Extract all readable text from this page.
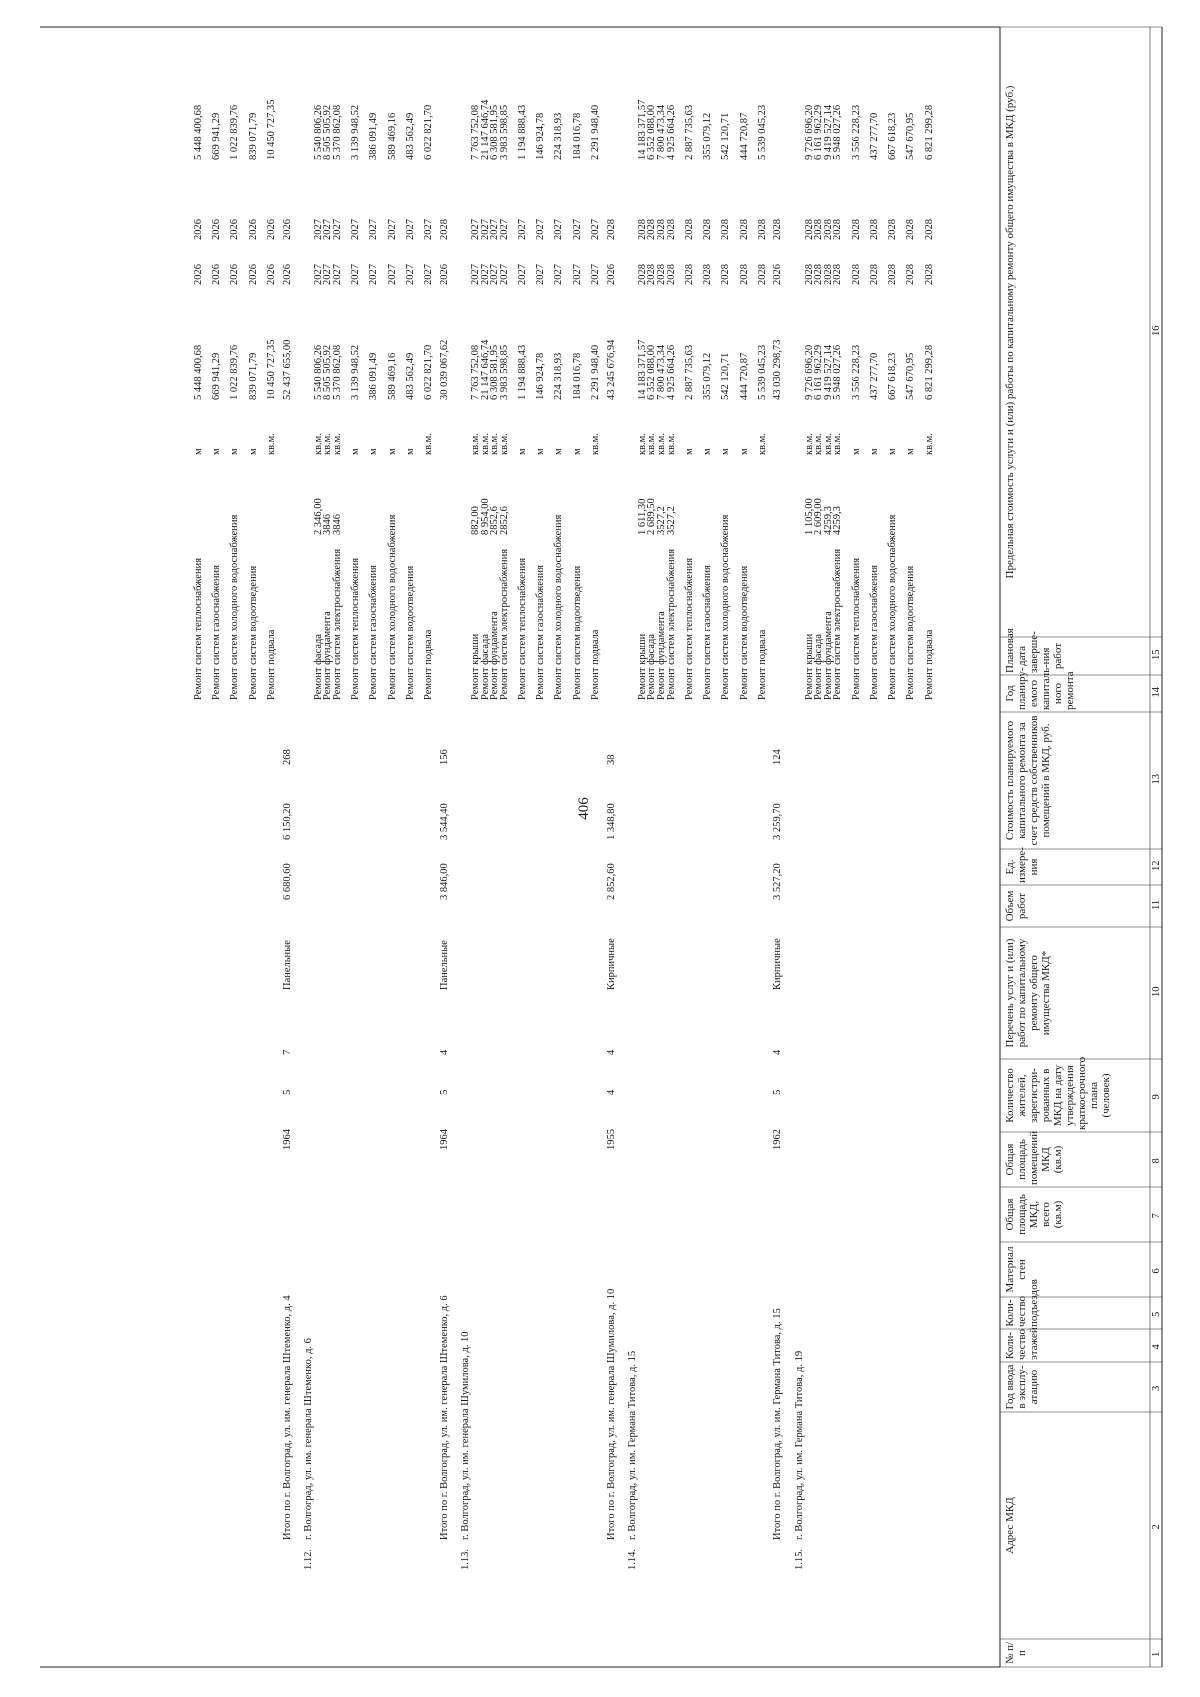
406
№ п/п
Адрес МКД
Год ввода в эксплу-атацию
Коли-чество этажей
Коли-чество подъездов
Материал стен
Общая площадь МКД, всего (кв.м)
Общая площадь помещений МКД (кв.м)
Количество жителей, зарегистри-рованных в МКД на дату утверждения краткосрочного плана (человек)
Перечень услуг и (или) работ по капитальному ремонту общего имущества МКД*
Объем работ
Ед. измере-ния
Стоимость планируемого капитального ремонта за счет средств собственников помещений в МКД, руб.
Год планиру-емого капиталь-ного ремонта
Плановая дата заверше-ния работ
Предельная стоимость услуги и (или) работы по капитальному ремонту общего имущества в МКД (руб.)
1
2
3
4
5
6
7
8
9
10
11
12
13
14
15
16
Ремонт систем теплоснабжения
м
5 448 400,68
2026
2026
5 448 400,68
Ремонт систем газоснабжения
м
669 941,29
2026
2026
669 941,29
Ремонт систем холодного водоснабжения
м
1 022 839,76
2026
2026
1 022 839,76
Ремонт систем водоотведения
м
839 071,79
2026
2026
839 071,79
Ремонт подвала
кв.м.
10 450 727,35
2026
2026
10 450 727,35
Итого по г. Волгоград, ул. им. генерала Штеменко, д. 4
1964
5
7
Панельные
6 680,60
6 150,20
268
52 437 655,00
2026
2026
1.12.
г. Волгоград, ул. им. генерала Штеменко, д. 6
Ремонт фасада
2 346,00
кв.м.
5 540 806,26
2027
2027
5 540 806,26
Ремонт фундамента
3846
кв.м.
8 505 505,92
2027
2027
8 505 505,92
Ремонт систем электроснабжения
3846
кв.м.
5 370 862,08
2027
2027
5 370 862,08
Ремонт систем теплоснабжения
м
3 139 948,52
2027
2027
3 139 948,52
Ремонт систем газоснабжения
м
386 091,49
2027
2027
386 091,49
Ремонт систем холодного водоснабжения
м
589 469,16
2027
2027
589 469,16
Ремонт систем водоотведения
м
483 562,49
2027
2027
483 562,49
Ремонт подвала
кв.м.
6 022 821,70
2027
2027
6 022 821,70
Итого по г. Волгоград, ул. им. генерала Штеменко, д. 6
1964
5
4
Панельные
3 846,00
3 544,40
156
30 039 067,62
2026
2028
1.13.
г. Волгоград, ул. им. генерала Шумилова, д. 10
Ремонт крыши
882,00
кв.м.
7 763 752,08
2027
2027
7 763 752,08
Ремонт фасада
8 954,00
кв.м.
21 147 646,74
2027
2027
21 147 646,74
Ремонт фундамента
2852,6
кв.м.
6 308 581,95
2027
2027
6 308 581,95
Ремонт систем электроснабжения
2852,6
кв.м.
3 983 598,85
2027
2027
3 983 598,85
Ремонт систем теплоснабжения
м
1 194 888,43
2027
2027
1 194 888,43
Ремонт систем газоснабжения
м
146 924,78
2027
2027
146 924,78
Ремонт систем холодного водоснабжения
м
224 318,93
2027
2027
224 318,93
Ремонт систем водоотведения
м
184 016,78
2027
2027
184 016,78
Ремонт подвала
кв.м.
2 291 948,40
2027
2027
2 291 948,40
Итого по г. Волгоград, ул. им. генерала Шумилова, д. 10
1955
4
4
Кирпичные
2 852,60
1 348,80
38
43 245 676,94
2026
2028
1.14.
г. Волгоград, ул. им. Германа Титова, д. 15
Ремонт крыши
1 611,30
кв.м.
14 183 371,57
2028
2028
14 183 371,57
Ремонт фасада
2 689,50
кв.м.
6 352 088,00
2028
2028
6 352 088,00
Ремонт фундамента
3527,2
кв.м.
7 800 473,34
2028
2028
7 800 473,34
Ремонт систем электроснабжения
3527,2
кв.м.
4 925 664,26
2028
2028
4 925 664,26
Ремонт систем теплоснабжения
м
2 887 735,63
2028
2028
2 887 735,63
Ремонт систем газоснабжения
м
355 079,12
2028
2028
355 079,12
Ремонт систем холодного водоснабжения
м
542 120,71
2028
2028
542 120,71
Ремонт систем водоотведения
м
444 720,87
2028
2028
444 720,87
Ремонт подвала
кв.м.
5 539 045,23
2028
2028
5 539 045,23
Итого по г. Волгоград, ул. им. Германа Титова, д. 15
1962
5
4
Кирпичные
3 527,20
3 259,70
124
43 030 298,73
2026
2028
1.15.
г. Волгоград, ул. им. Германа Титова, д. 19
Ремонт крыши
1 105,00
кв.м.
9 726 696,20
2028
2028
9 726 696,20
Ремонт фасада
2 609,00
кв.м.
6 161 962,29
2028
2028
6 161 962,29
Ремонт фундамента
4259,3
кв.м.
9 419 527,14
2028
2028
9 419 527,14
Ремонт систем электроснабжения
4259,3
кв.м.
5 948 027,26
2028
2028
5 948 027,26
Ремонт систем теплоснабжения
м
3 556 228,23
2028
2028
3 556 228,23
Ремонт систем газоснабжения
м
437 277,70
2028
2028
437 277,70
Ремонт систем холодного водоснабжения
м
667 618,23
2028
2028
667 618,23
Ремонт систем водоотведения
м
547 670,95
2028
2028
547 670,95
Ремонт подвала
кв.м.
6 821 299,28
2028
2028
6 821 299,28
